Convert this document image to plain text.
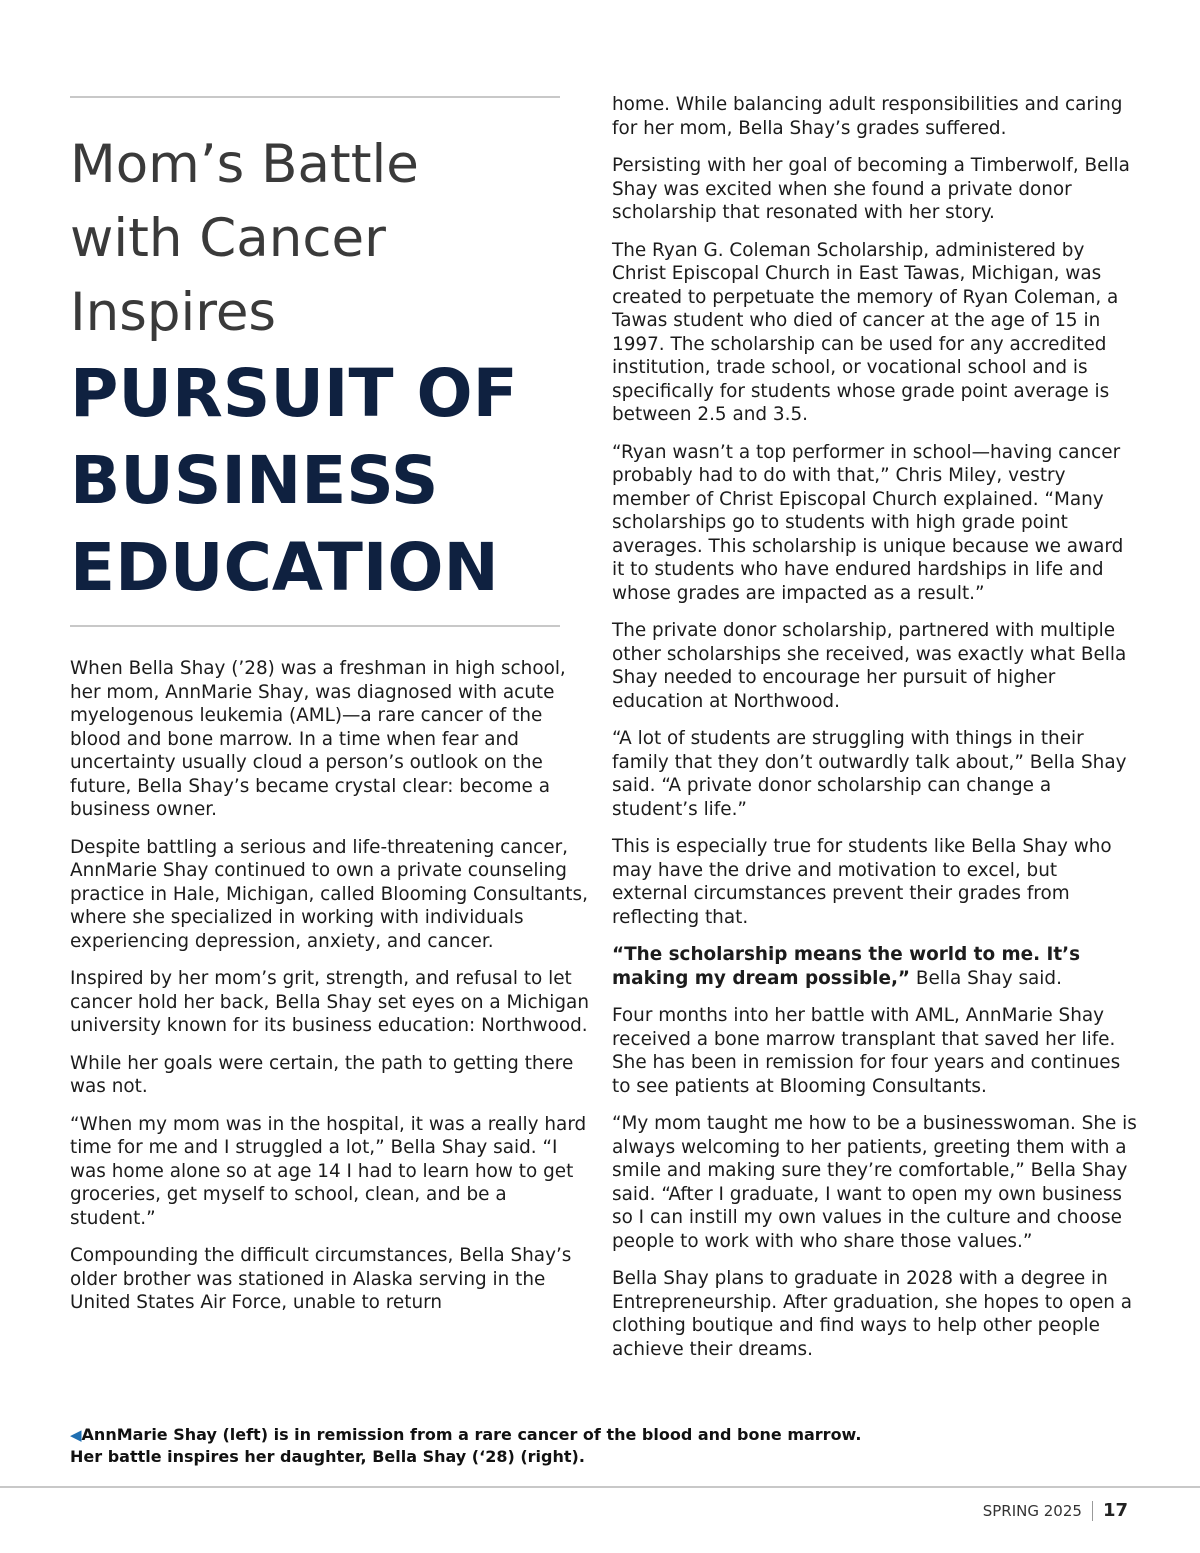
Mom’s Battle
with Cancer
Inspires
PURSUIT OF
BUSINESS
EDUCATION

When Bella Shay (’28) was a freshman in high school, her mom, AnnMarie Shay, was diagnosed with acute myelogenous leukemia (AML)—a rare cancer of the blood and bone marrow. In a time when fear and uncertainty usually cloud a person’s outlook on the future, Bella Shay’s became crystal clear: become a business owner.

Despite battling a serious and life-threatening cancer, AnnMarie Shay continued to own a private counseling practice in Hale, Michigan, called Blooming Consultants, where she specialized in working with individuals experiencing depression, anxiety, and cancer.

Inspired by her mom’s grit, strength, and refusal to let cancer hold her back, Bella Shay set eyes on a Michigan university known for its business education: Northwood.

While her goals were certain, the path to getting there was not.

“When my mom was in the hospital, it was a really hard time for me and I struggled a lot,” Bella Shay said. “I was home alone so at age 14 I had to learn how to get groceries, get myself to school, clean, and be a student.”

Compounding the difficult circumstances, Bella Shay’s older brother was stationed in Alaska serving in the United States Air Force, unable to return

home. While balancing adult responsibilities and caring for her mom, Bella Shay’s grades suffered.

Persisting with her goal of becoming a Timberwolf, Bella Shay was excited when she found a private donor scholarship that resonated with her story.

The Ryan G. Coleman Scholarship, administered by Christ Episcopal Church in East Tawas, Michigan, was created to perpetuate the memory of Ryan Coleman, a Tawas student who died of cancer at the age of 15 in 1997. The scholarship can be used for any accredited institution, trade school, or vocational school and is specifically for students whose grade point average is between 2.5 and 3.5.

“Ryan wasn’t a top performer in school—having cancer probably had to do with that,” Chris Miley, vestry member of Christ Episcopal Church explained. “Many scholarships go to students with high grade point averages. This scholarship is unique because we award it to students who have endured hardships in life and whose grades are impacted as a result.”

The private donor scholarship, partnered with multiple other scholarships she received, was exactly what Bella Shay needed to encourage her pursuit of higher education at Northwood.

“A lot of students are struggling with things in their family that they don’t outwardly talk about,” Bella Shay said. “A private donor scholarship can change a student’s life.”

This is especially true for students like Bella Shay who may have the drive and motivation to excel, but external circumstances prevent their grades from reflecting that.

“The scholarship means the world to me. It’s making my dream possible,” Bella Shay said.

Four months into her battle with AML, AnnMarie Shay received a bone marrow transplant that saved her life. She has been in remission for four years and continues to see patients at Blooming Consultants.

“My mom taught me how to be a businesswoman. She is always welcoming to her patients, greeting them with a smile and making sure they’re comfortable,” Bella Shay said. “After I graduate, I want to open my own business so I can instill my own values in the culture and choose people to work with who share those values.”

Bella Shay plans to graduate in 2028 with a degree in Entrepreneurship. After graduation, she hopes to open a clothing boutique and find ways to help other people achieve their dreams.

◀AnnMarie Shay (left) is in remission from a rare cancer of the blood and bone marrow.
Her battle inspires her daughter, Bella Shay (‘28) (right).
SPRING 2025 17
